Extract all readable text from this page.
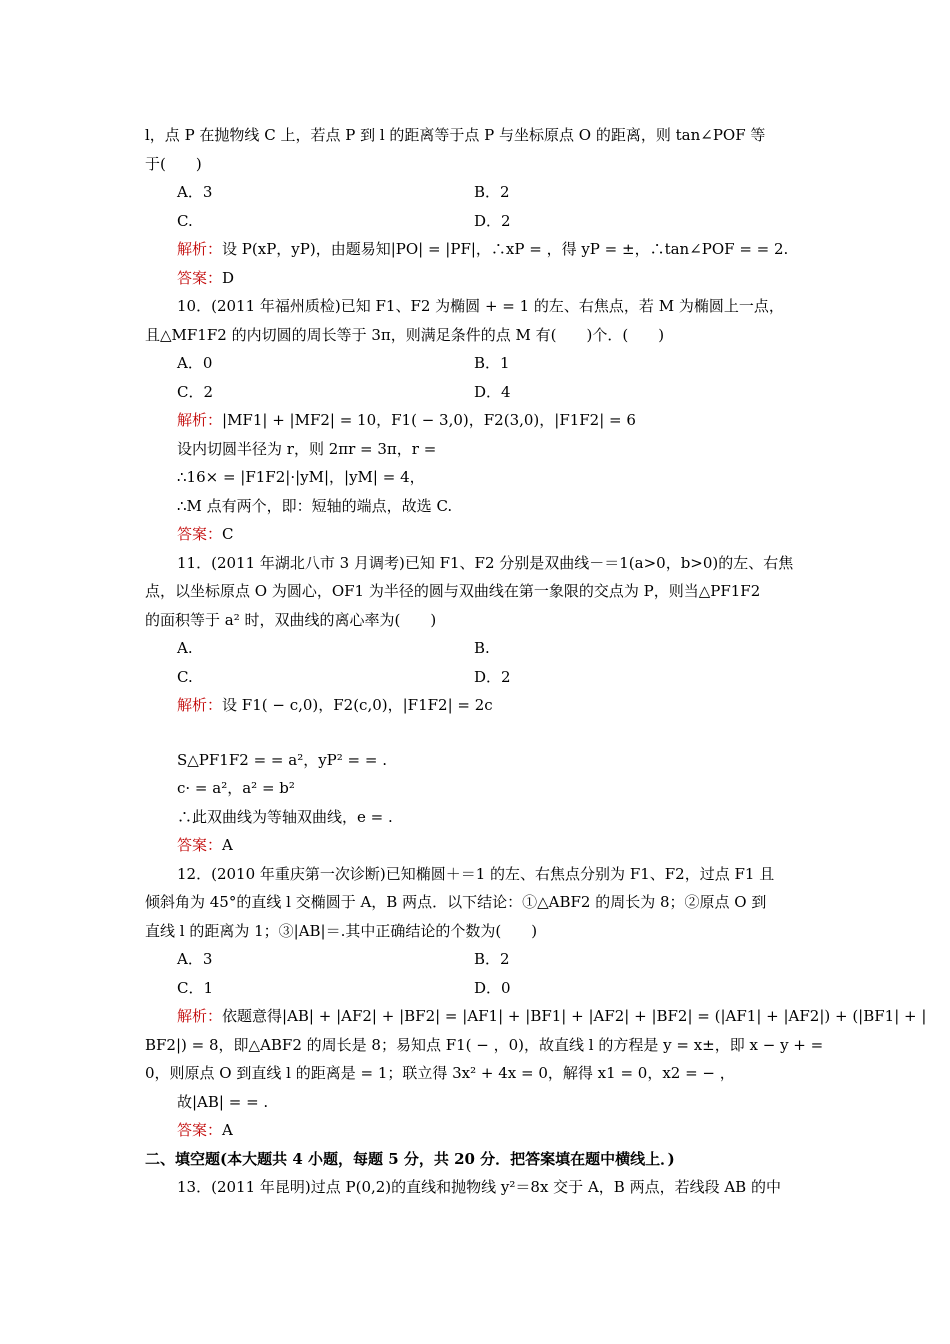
l，点 P 在抛物线 C 上，若点 P 到 l 的距离等于点 P 与坐标原点 O 的距离，则 tan∠POF 等
于(　　)
A．3	B．2
C.	D．2
解析：设 P(xP，yP)，由题易知|PO| = |PF|，∴xP = ，得 yP = ±，∴tan∠POF = = 2.
答案：D
10．(2011 年福州质检)已知 F1、F2 为椭圆 + = 1 的左、右焦点，若 M 为椭圆上一点，
且△MF1F2 的内切圆的周长等于 3π，则满足条件的点 M 有(　　)个．(　　)
A．0	B．1
C．2	D．4
解析：|MF1| + |MF2| = 10，F1( − 3,0)，F2(3,0)，|F1F2| = 6
设内切圆半径为 r，则 2πr = 3π，r =
∴16× = |F1F2|·|yM|，|yM| = 4，
∴M 点有两个，即：短轴的端点，故选 C.
答案：C
11．(2011 年湖北八市 3 月调考)已知 F1、F2 分别是双曲线－＝1(a>0，b>0)的左、右焦
点，以坐标原点 O 为圆心，OF1 为半径的圆与双曲线在第一象限的交点为 P，则当△PF1F2
的面积等于 a² 时，双曲线的离心率为(　　)
A.	B.
C.	D．2
解析：设 F1( − c,0)，F2(c,0)，|F1F2| = 2c
S△PF1F2 = = a²，yP² = = .
c· = a²，a² = b²
∴此双曲线为等轴双曲线，e = .
答案：A
12．(2010 年重庆第一次诊断)已知椭圆＋＝1 的左、右焦点分别为 F1、F2，过点 F1 且
倾斜角为 45°的直线 l 交椭圆于 A，B 两点．以下结论：①△ABF2 的周长为 8；②原点 O 到
直线 l 的距离为 1；③|AB|＝.其中正确结论的个数为(　　)
A．3	B．2
C．1	D．0
解析：依题意得|AB| + |AF2| + |BF2| = |AF1| + |BF1| + |AF2| + |BF2| = (|AF1| + |AF2|) + (|BF1| + |
BF2|) = 8，即△ABF2 的周长是 8；易知点 F1( − ，0)，故直线 l 的方程是 y = x±，即 x − y + =
0，则原点 O 到直线 l 的距离是 = 1；联立得 3x² + 4x = 0，解得 x1 = 0，x2 = − ，
故|AB| = = .
答案：A
二、填空题(本大题共 4 小题，每题 5 分，共 20 分．把答案填在题中横线上．)
13．(2011 年昆明)过点 P(0,2)的直线和抛物线 y²＝8x 交于 A，B 两点，若线段 AB 的中
